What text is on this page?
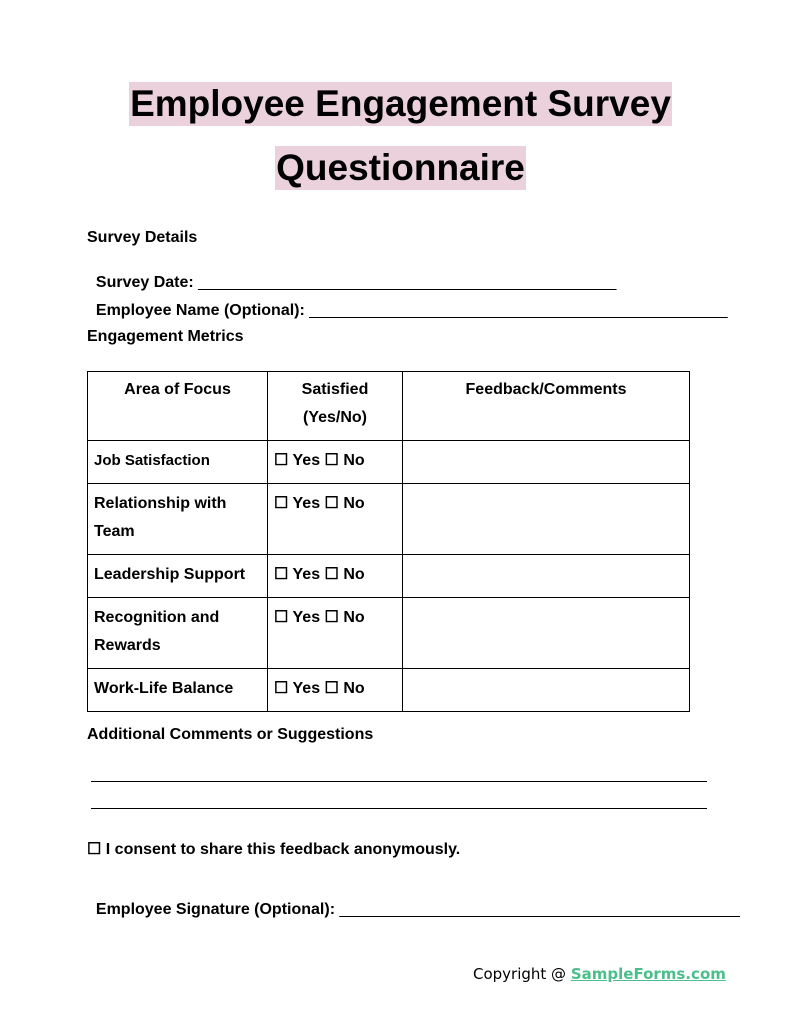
Employee Engagement Survey
Questionnaire
Survey Details

Survey Date: _______________________________________________

Employee Name (Optional): _______________________________________________

Engagement Metrics
Area of Focus	Satisfied (Yes/No)	Feedback/Comments
Job Satisfaction	☐ Yes ☐ No	
Relationship with Team	☐ Yes ☐ No	
Leadership Support	☐ Yes ☐ No	
Recognition and Rewards	☐ Yes ☐ No	
Work-Life Balance	☐ Yes ☐ No	
Additional Comments or Suggestions
☐ I consent to share this feedback anonymously.

Employee Signature (Optional): _____________________________________________

Copyright @ SampleForms.com
